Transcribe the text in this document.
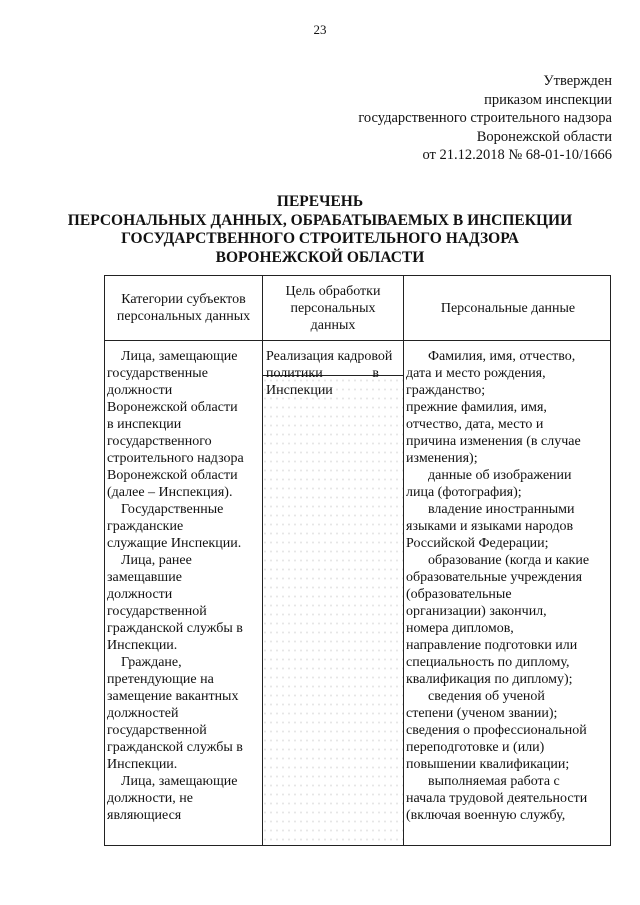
23
Утвержден
приказом инспекции
государственного строительного надзора
Воронежской области
от 21.12.2018 № 68-01-10/1666
ПЕРЕЧЕНЬ
ПЕРСОНАЛЬНЫХ ДАННЫХ, ОБРАБАТЫВАЕМЫХ В ИНСПЕКЦИИ
ГОСУДАРСТВЕННОГО СТРОИТЕЛЬНОГО НАДЗОРА
ВОРОНЕЖСКОЙ ОБЛАСТИ
Категории субъектов
персональных данных
Цель обработки
персональных
данных
Персональные данные
Лица, замещающие
государственные
должности
Воронежской области
в инспекции
государственного
строительного надзора
Воронежской области
(далее – Инспекция).
Государственные
гражданские
служащие Инспекции.
Лица, ранее
замещавшие
должности
государственной
гражданской службы в
Инспекции.
Граждане,
претендующие на
замещение вакантных
должностей
государственной
гражданской службы в
Инспекции.
Лица, замещающие
должности, не
являющиеся
Реализация кадровой
политики	в
Инспекции
Фамилия, имя, отчество,
дата и место рождения,
гражданство;
прежние фамилия, имя,
отчество, дата, место и
причина изменения (в случае
изменения);
данные об изображении
лица (фотография);
владение иностранными
языками и языками народов
Российской Федерации;
образование (когда и какие
образовательные учреждения
(образовательные
организации) закончил,
номера дипломов,
направление подготовки или
специальность по диплому,
квалификация по диплому);
сведения об ученой
степени (ученом звании);
сведения о профессиональной
переподготовке и (или)
повышении квалификации;
выполняемая работа с
начала трудовой деятельности
(включая военную службу,
